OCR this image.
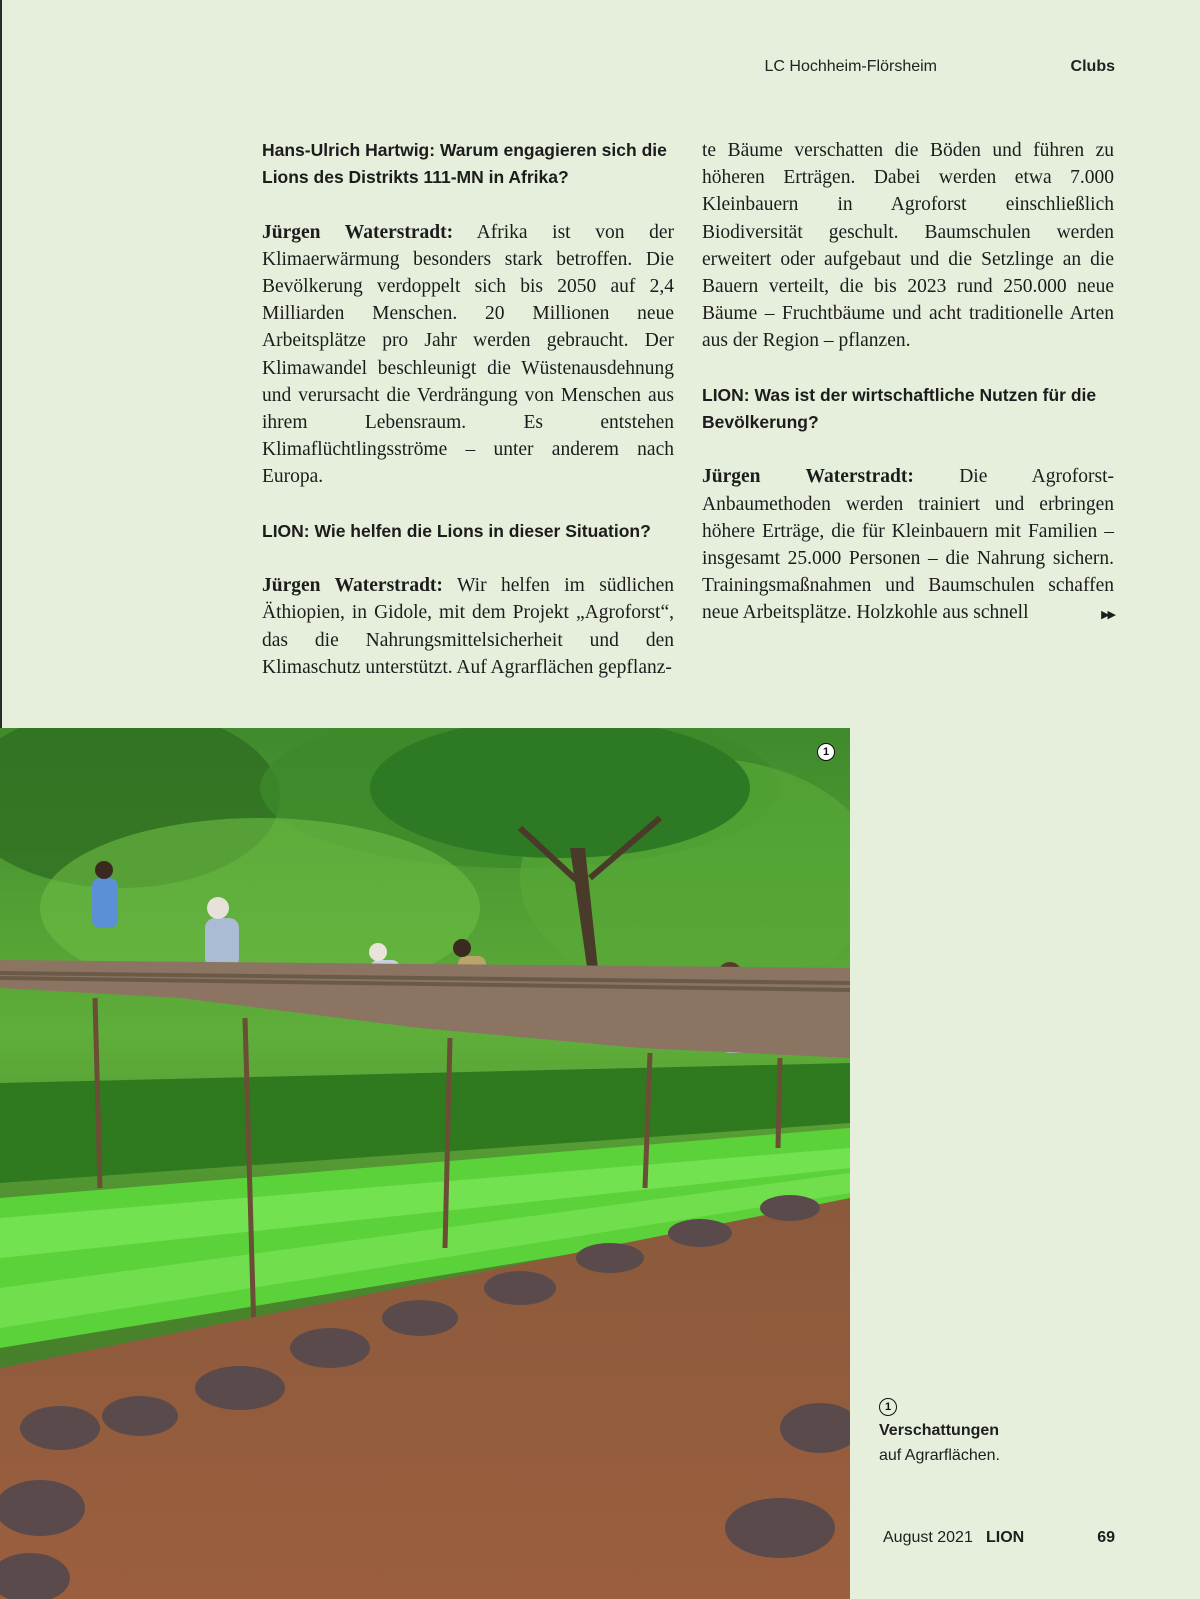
LC Hochheim-Flörsheim	Clubs

Hans-Ulrich Hartwig: Warum engagieren sich die Lions des Distrikts 111-MN in Afrika?

Jürgen Waterstradt: Afrika ist von der Klimaerwärmung besonders stark betroffen. Die Bevölkerung verdoppelt sich bis 2050 auf 2,4 Milliarden Menschen. 20 Millionen neue Arbeitsplätze pro Jahr werden gebraucht. Der Klimawandel beschleunigt die Wüstenausdehnung und verursacht die Verdrängung von Menschen aus ihrem Lebensraum. Es entstehen Klimaflüchtlingsströme – unter anderem nach Europa.

LION: Wie helfen die Lions in dieser Situation?

Jürgen Waterstradt: Wir helfen im südlichen Äthiopien, in Gidole, mit dem Projekt „Agroforst“, das die Nahrungsmittelsicherheit und den Klimaschutz unterstützt. Auf Agrarflächen gepflanz-

te Bäume verschatten die Böden und führen zu höheren Erträgen. Dabei werden etwa 7.000 Kleinbauern in Agroforst einschließlich Biodiversität geschult. Baumschulen werden erweitert oder aufgebaut und die Setzlinge an die Bauern verteilt, die bis 2023 rund 250.000 neue Bäume – Fruchtbäume und acht traditionelle Arten aus der Region – pflanzen.

LION: Was ist der wirtschaftliche Nutzen für die Bevölkerung?

Jürgen Waterstradt: Die Agroforst-Anbaumethoden werden trainiert und erbringen höhere Erträge, die für Kleinbauern mit Familien – insgesamt 25.000 Personen – die Nahrung sichern. Trainingsmaßnahmen und Baumschulen schaffen neue Arbeitsplätze. Holzkohle aus schnell	▶▶

1
1
Verschattungen
auf Agrarflächen.
August 2021 LION	69
